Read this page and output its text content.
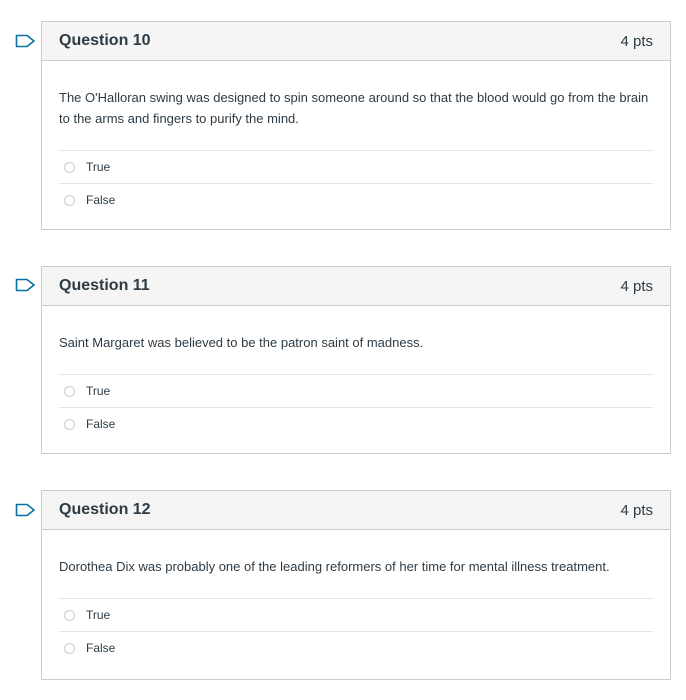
Question 10	4 pts
The O'Halloran swing was designed to spin someone around so that the blood would go from the brain to the arms and fingers to purify the mind.
True
False
Question 11	4 pts
Saint Margaret was believed to be the patron saint of madness.
True
False
Question 12	4 pts
Dorothea Dix was probably one of the leading reformers of her time for mental illness treatment.
True
False
